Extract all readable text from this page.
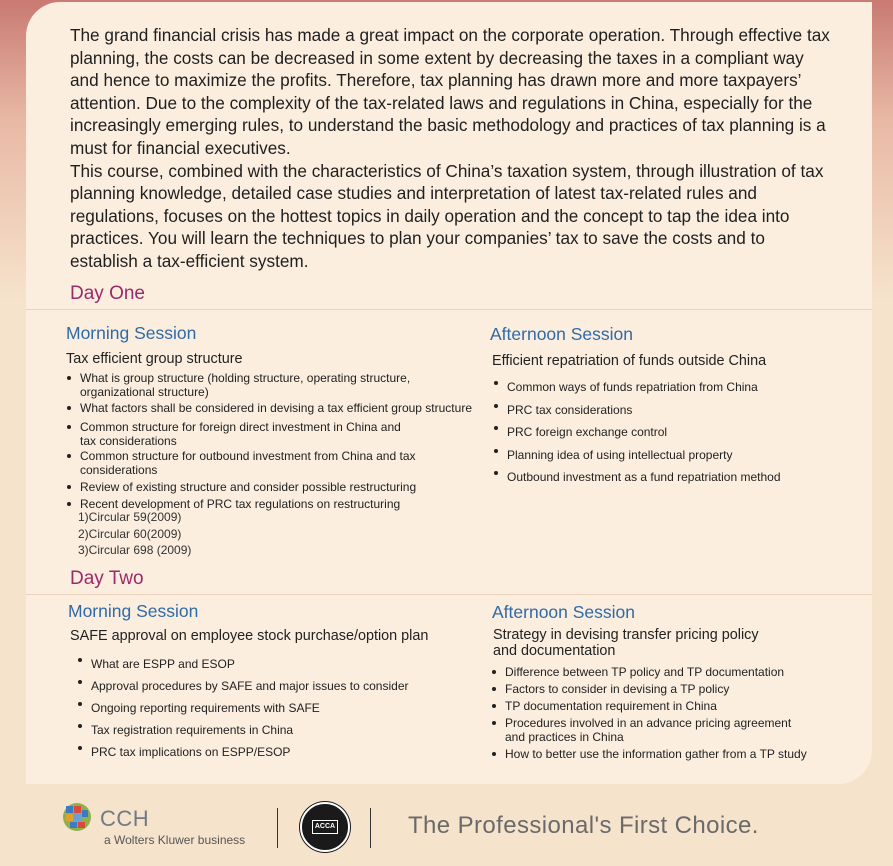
The grand financial crisis has made a great impact on the corporate operation. Through effective tax planning, the costs can be decreased in some extent by decreasing the taxes in a compliant way and hence to maximize the profits. Therefore, tax planning has drawn more and more taxpayers’ attention. Due to the complexity of the tax-related laws and regulations in China, especially for the increasingly emerging rules, to understand the basic methodology and practices of tax planning is a must for financial executives.

This course, combined with the characteristics of China’s taxation system, through illustration of tax planning knowledge, detailed case studies and interpretation of latest tax-related rules and regulations, focuses on the hottest topics in daily operation and the concept to tap the idea into practices. You will learn the techniques to plan your companies’ tax to save the costs and to establish a tax-efficient system.

Day One
Morning Session
Tax efficient group structure
What is group structure (holding structure, operating structure, organizational structure)
What factors shall be considered in devising a tax efficient group structure
Common structure for foreign direct investment in China and tax considerations
Common structure for outbound investment from China and tax considerations
Review of existing structure and consider possible restructuring
Recent development of PRC tax regulations on restructuring
1)Circular 59(2009)
2)Circular 60(2009)
3)Circular 698 (2009)
Afternoon Session
Efficient repatriation of funds outside China
Common ways of funds repatriation from China
PRC tax considerations
PRC foreign exchange control
Planning idea of using intellectual property
Outbound investment as a fund repatriation method
Day Two
Morning Session
SAFE approval on employee stock purchase/option plan
What are ESPP and ESOP
Approval procedures by SAFE and major issues to consider
Ongoing reporting requirements with SAFE
Tax registration requirements in China
PRC tax implications on ESPP/ESOP
Afternoon Session
Strategy in devising transfer pricing policy
and documentation
Difference between TP policy and TP documentation
Factors to consider in devising a TP policy
TP documentation requirement in China
Procedures involved in an advance pricing agreement and practices in China
How to better use the information gather from a TP study
CCH
a Wolters Kluwer business
ACCA	The Professional's First Choice.
